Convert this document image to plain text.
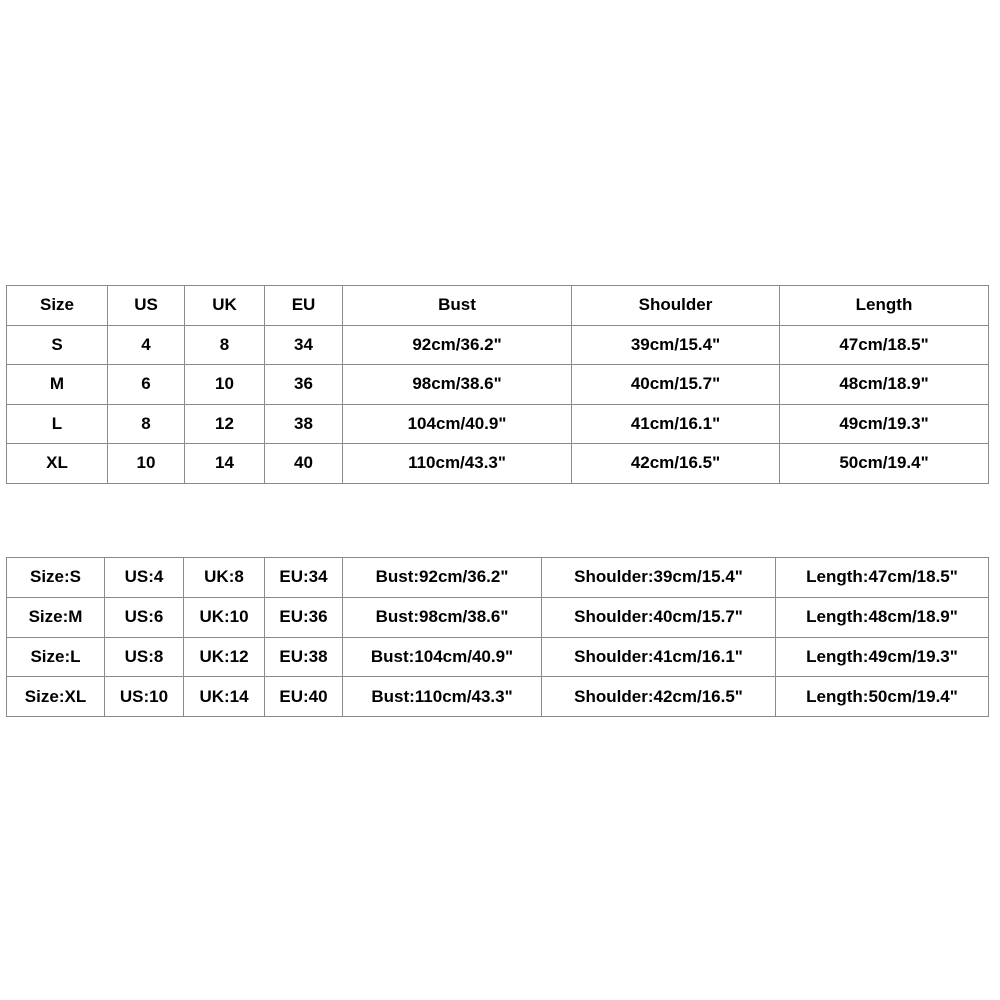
Size	US	UK	EU	Bust	Shoulder	Length
S	4	8	34	92cm/36.2"	39cm/15.4"	47cm/18.5"
M	6	10	36	98cm/38.6"	40cm/15.7"	48cm/18.9"
L	8	12	38	104cm/40.9"	41cm/16.1"	49cm/19.3"
XL	10	14	40	110cm/43.3"	42cm/16.5"	50cm/19.4"
Size:S	US:4	UK:8	EU:34	Bust:92cm/36.2"	Shoulder:39cm/15.4"	Length:47cm/18.5"
Size:M	US:6	UK:10	EU:36	Bust:98cm/38.6"	Shoulder:40cm/15.7"	Length:48cm/18.9"
Size:L	US:8	UK:12	EU:38	Bust:104cm/40.9"	Shoulder:41cm/16.1"	Length:49cm/19.3"
Size:XL	US:10	UK:14	EU:40	Bust:110cm/43.3"	Shoulder:42cm/16.5"	Length:50cm/19.4"
